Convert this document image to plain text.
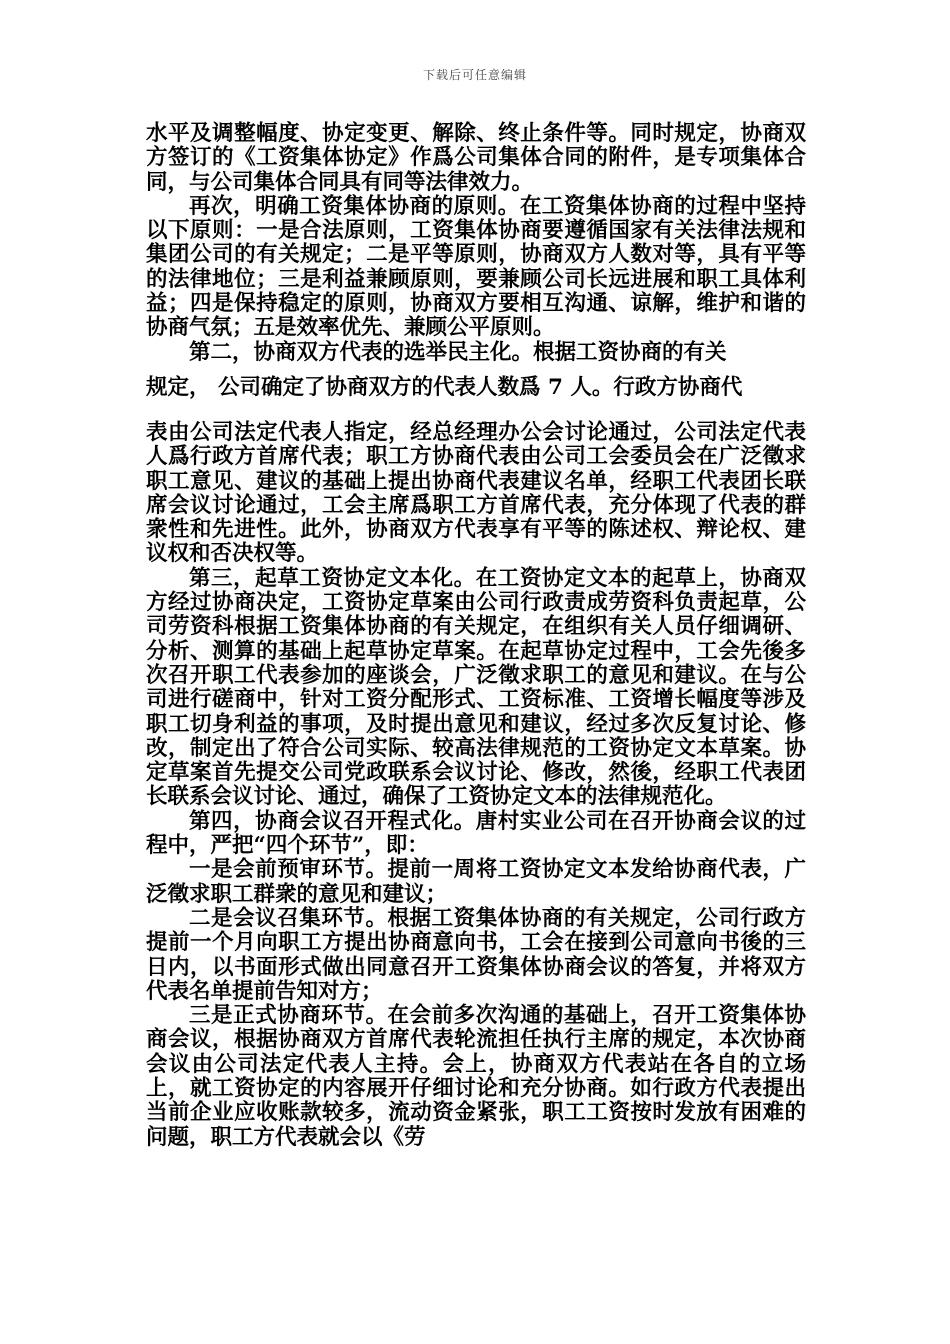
下载后可任意编辑

水平及调整幅度、协定变更、解除、终止条件等。同时规定，协商双方签订的《工资集体协定》作爲公司集体合同的附件，是专项集体合同，与公司集体合同具有同等法律效力。

再次，明确工资集体协商的原则。在工资集体协商的过程中坚持以下原则：一是合法原则，工资集体协商要遵循国家有关法律法规和集团公司的有关规定；二是平等原则，协商双方人数对等，具有平等的法律地位；三是利益兼顾原则，要兼顾公司长远进展和职工具体利益；四是保持稳定的原则，协商双方要相互沟通、谅解，维护和谐的协商气氛；五是效率优先、兼顾公平原则。

第二，协商双方代表的选举民主化。根据工资协商的有关

规定， 公司确定了协商双方的代表人数爲 7 人。行政方协商代

表由公司法定代表人指定，经总经理办公会讨论通过，公司法定代表人爲行政方首席代表；职工方协商代表由公司工会委员会在广泛徵求职工意见、建议的基础上提出协商代表建议名单，经职工代表团长联席会议讨论通过，工会主席爲职工方首席代表，充分体现了代表的群衆性和先进性。此外，协商双方代表享有平等的陈述权、辩论权、建议权和否决权等。

第三，起草工资协定文本化。在工资协定文本的起草上，协商双方经过协商决定，工资协定草案由公司行政责成劳资科负责起草，公司劳资科根据工资集体协商的有关规定，在组织有关人员仔细调研、分析、测算的基础上起草协定草案。在起草协定过程中，工会先後多次召开职工代表参加的座谈会，广泛徵求职工的意见和建议。在与公司进行磋商中，针对工资分配形式、工资标准、工资增长幅度等涉及职工切身利益的事项，及时提出意见和建议，经过多次反复讨论、修改，制定出了符合公司实际、较高法律规范的工资协定文本草案。协定草案首先提交公司党政联系会议讨论、修改，然後，经职工代表团长联系会议讨论、通过，确保了工资协定文本的法律规范化。

第四，协商会议召开程式化。唐村实业公司在召开协商会议的过程中，严把“四个环节”，即：

一是会前预审环节。提前一周将工资协定文本发给协商代表，广泛徵求职工群衆的意见和建议；

二是会议召集环节。根据工资集体协商的有关规定，公司行政方提前一个月向职工方提出协商意向书，工会在接到公司意向书後的三日内，以书面形式做出同意召开工资集体协商会议的答复，并将双方代表名单提前告知对方；

三是正式协商环节。在会前多次沟通的基础上，召开工资集体协商会议，根据协商双方首席代表轮流担任执行主席的规定，本次协商会议由公司法定代表人主持。会上，协商双方代表站在各自的立场上，就工资协定的内容展开仔细讨论和充分协商。如行政方代表提出当前企业应收账款较多，流动资金紧张，职工工资按时发放有困难的问题，职工方代表就会以《劳
